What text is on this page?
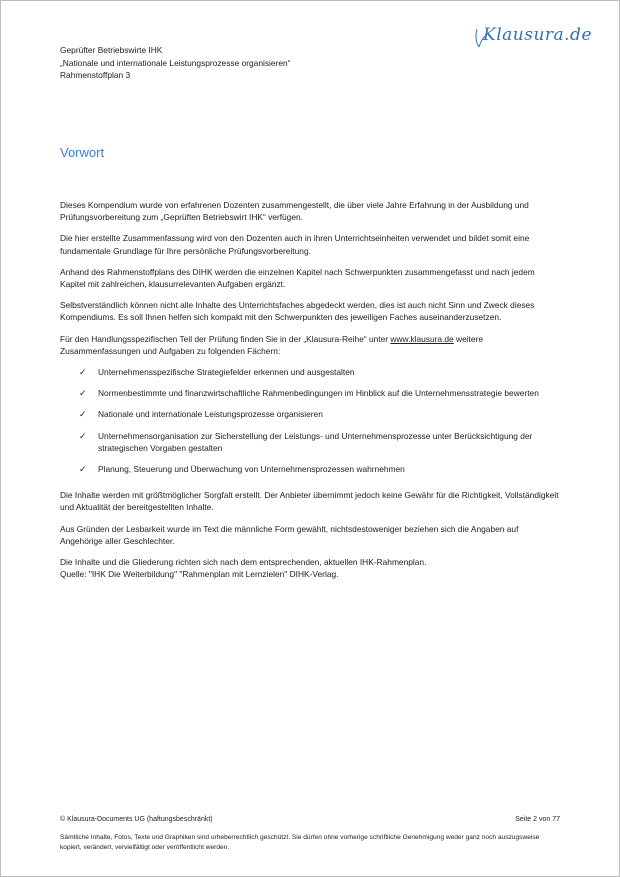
Geprüfter Betriebswirte IHK
„Nationale und internationale Leistungsprozesse organisieren“
Rahmenstoffplan 3
Klausura.de
Vorwort

Dieses Kompendium wurde von erfahrenen Dozenten zusammengestellt, die über viele Jahre Erfahrung in der Ausbildung und Prüfungsvorbereitung zum „Geprüften Betriebswirt IHK“ verfügen.

Die hier erstellte Zusammenfassung wird von den Dozenten auch in ihren Unterrichtseinheiten verwendet und bildet somit eine fundamentale Grundlage für Ihre persönliche Prüfungsvorbereitung.

Anhand des Rahmenstoffplans des DIHK werden die einzelnen Kapitel nach Schwerpunkten zusammengefasst und nach jedem Kapitel mit zahlreichen, klausurrelevanten Aufgaben ergänzt.

Selbstverständlich können nicht alle Inhalte des Unterrichtsfaches abgedeckt werden, dies ist auch nicht Sinn und Zweck dieses Kompendiums. Es soll Ihnen helfen sich kompakt mit den Schwerpunkten des jeweiligen Faches auseinanderzusetzen.

Für den Handlungsspezifischen Teil der Prüfung finden Sie in der „Klausura-Reihe“ unter www.klausura.de weitere Zusammenfassungen und Aufgaben zu folgenden Fächern:

✓ Unternehmensspezifische Strategiefelder erkennen und ausgestalten
✓ Normenbestimmte und finanzwirtschaftliche Rahmenbedingungen im Hinblick auf die Unternehmensstrategie bewerten
✓ Nationale und internationale Leistungsprozesse organisieren
✓ Unternehmensorganisation zur Sicherstellung der Leistungs- und Unternehmensprozesse unter Berücksichtigung der strategischen Vorgaben gestalten
✓ Planung, Steuerung und Überwachung von Unternehmensprozessen wahrnehmen

Die Inhalte werden mit größtmöglicher Sorgfalt erstellt. Der Anbieter übernimmt jedoch keine Gewähr für die Richtigkeit, Vollständigkeit und Aktualität der bereitgestellten Inhalte.

Aus Gründen der Lesbarkeit wurde im Text die männliche Form gewählt, nichtsdestoweniger beziehen sich die Angaben auf Angehörige aller Geschlechter.

Die Inhalte und die Gliederung richten sich nach dem entsprechenden, aktuellen IHK-Rahmenplan.
Quelle: "IHK Die Weiterbildung" "Rahmenplan mit Lernzielen" DIHK-Verlag.

© Klausura-Documents UG (haftungsbeschränkt)	Seite 2 von 77
Sämtliche Inhalte, Fotos, Texte und Graphiken sind urheberrechtlich geschützt. Sie dürfen ohne vorherige schriftliche Genehmigung weder ganz noch auszugsweise kopiert, verändert, vervielfältigt oder veröffentlicht werden.
